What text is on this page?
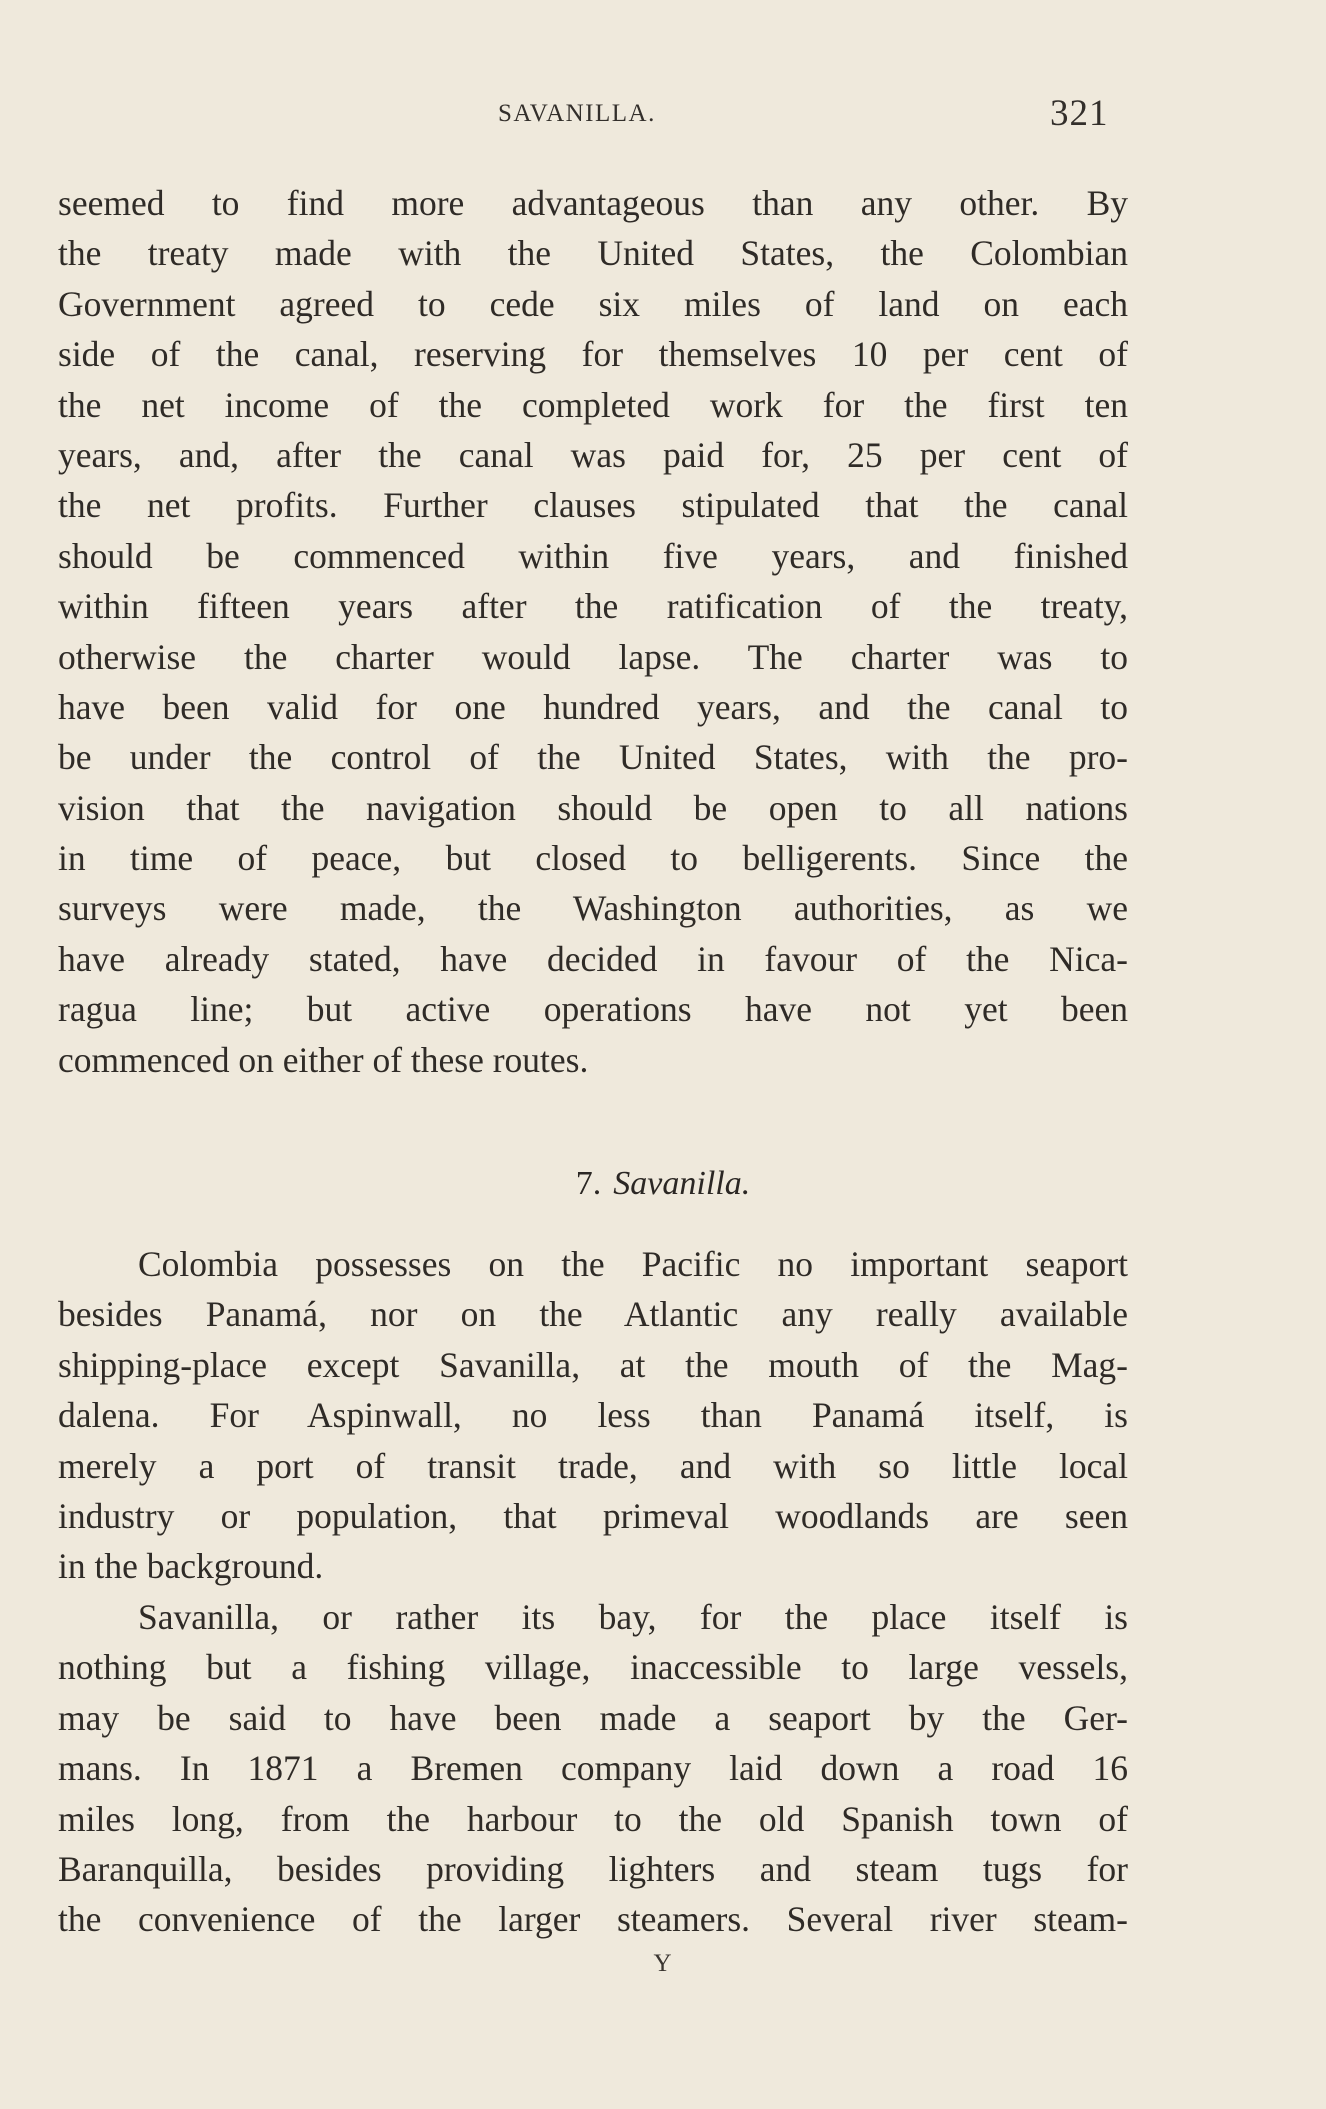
SAVANILLA.	321
seemed to find more advantageous than any other. By
the treaty made with the United States, the Colombian
Government agreed to cede six miles of land on each
side of the canal, reserving for themselves 10 per cent of
the net income of the completed work for the first ten
years, and, after the canal was paid for, 25 per cent of
the net profits. Further clauses stipulated that the canal
should be commenced within five years, and finished
within fifteen years after the ratification of the treaty,
otherwise the charter would lapse. The charter was to
have been valid for one hundred years, and the canal to
be under the control of the United States, with the pro-
vision that the navigation should be open to all nations
in time of peace, but closed to belligerents. Since the
surveys were made, the Washington authorities, as we
have already stated, have decided in favour of the Nica-
ragua line; but active operations have not yet been
commenced on either of these routes.
7. Savanilla.
Colombia possesses on the Pacific no important seaport
besides Panamá, nor on the Atlantic any really available
shipping-place except Savanilla, at the mouth of the Mag-
dalena. For Aspinwall, no less than Panamá itself, is
merely a port of transit trade, and with so little local
industry or population, that primeval woodlands are seen
in the background.
Savanilla, or rather its bay, for the place itself is
nothing but a fishing village, inaccessible to large vessels,
may be said to have been made a seaport by the Ger-
mans. In 1871 a Bremen company laid down a road 16
miles long, from the harbour to the old Spanish town of
Baranquilla, besides providing lighters and steam tugs for
the convenience of the larger steamers. Several river steam-
Y
